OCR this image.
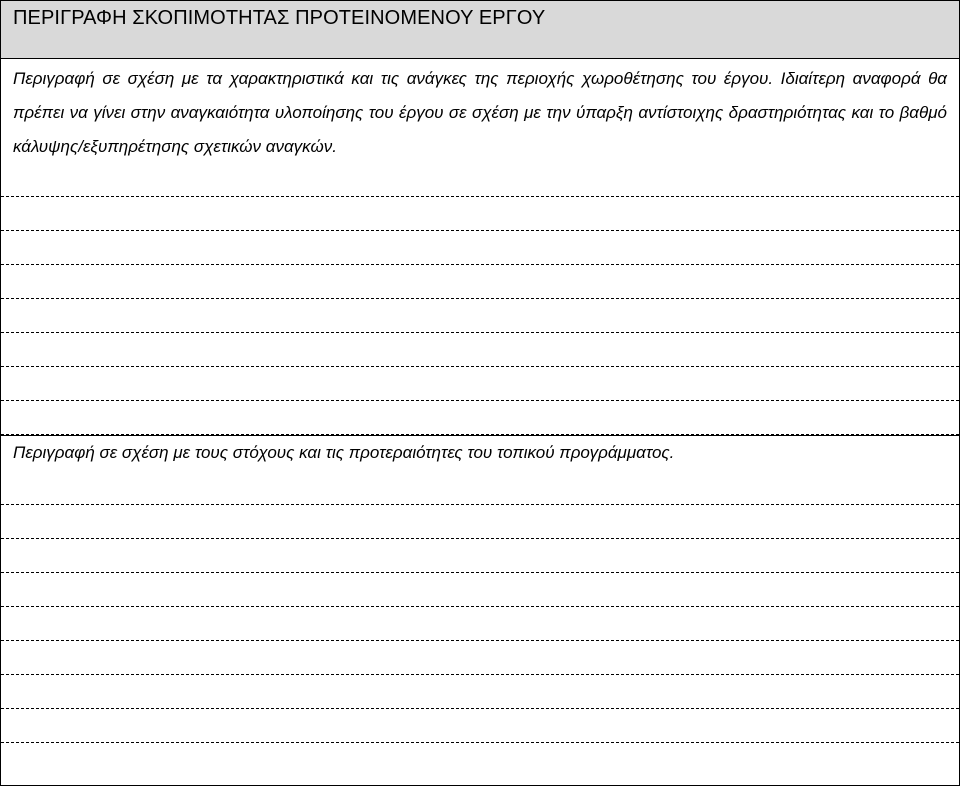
ΠΕΡΙΓΡΑΦΗ ΣΚΟΠΙΜΟΤΗΤΑΣ ΠΡΟΤΕΙΝΟΜΕΝΟΥ ΕΡΓΟΥ
Περιγραφή σε σχέση με τα χαρακτηριστικά και τις ανάγκες της περιοχής χωροθέτησης του έργου. Ιδιαίτερη αναφορά θα πρέπει να γίνει στην αναγκαιότητα υλοποίησης του έργου σε σχέση με την ύπαρξη αντίστοιχης δραστηριότητας και το βαθμό κάλυψης/εξυπηρέτησης σχετικών αναγκών.
Περιγραφή σε σχέση με τους στόχους και τις προτεραιότητες του τοπικού προγράμματος.
